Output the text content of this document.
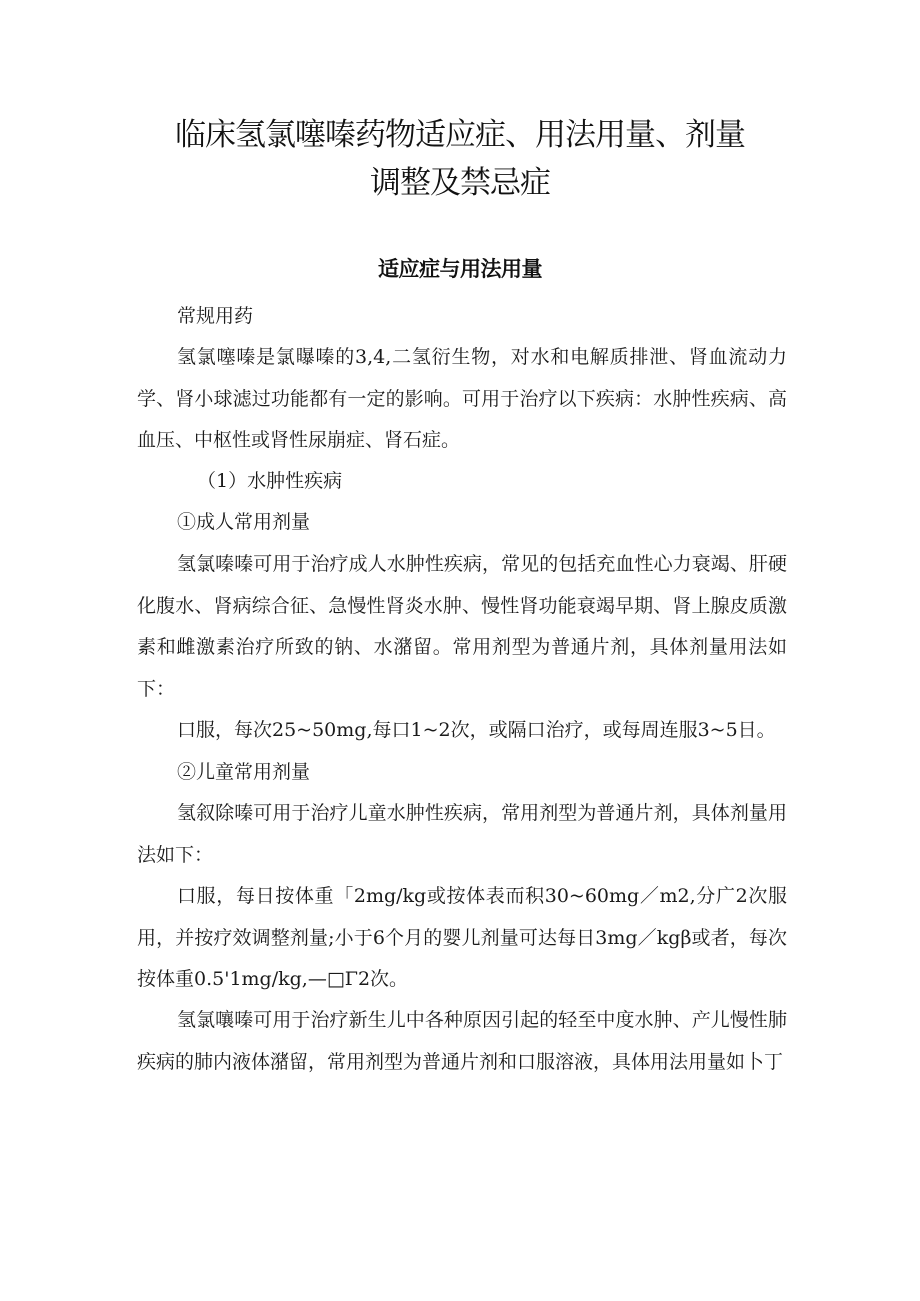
临床氢氯噻嗪药物适应症、用法用量、剂量
调整及禁忌症
适应症与用法用量

常规用药

氢氯噻嗪是氯曝嗪的3,4,二氢衍生物，对水和电解质排泄、肾血流动力学、肾小球滤过功能都有一定的影响。可用于治疗以下疾病：水肿性疾病、高血压、中枢性或肾性尿崩症、肾石症。

（1）水肿性疾病

①成人常用剂量

氢氯嗪嗪可用于治疗成人水肿性疾病，常见的包括充血性心力衰竭、肝硬化腹水、肾病综合征、急慢性肾炎水肿、慢性肾功能衰竭早期、肾上腺皮质激素和雌激素治疗所致的钠、水潴留。常用剂型为普通片剂，具体剂量用法如下：

口服，每次25~50mg,每口1~2次，或隔口治疗，或每周连服3~5日。

②儿童常用剂量

氢叙除嗪可用于治疗儿童水肿性疾病，常用剂型为普通片剂，具体剂量用法如下：

口服，每日按体重「2mg/kg或按体表而积30~60mg／m2,分广2次服用，并按疗效调整剂量;小于6个月的婴儿剂量可达每日3mg／kgβ或者，每次按体重0.5'1mg/kg,—□Γ2次。

氢氯嚷嗪可用于治疗新生儿中各种原因引起的轻至中度水肿、产儿慢性肺疾病的肺内液体潴留，常用剂型为普通片剂和口服溶液，具体用法用量如卜丁
